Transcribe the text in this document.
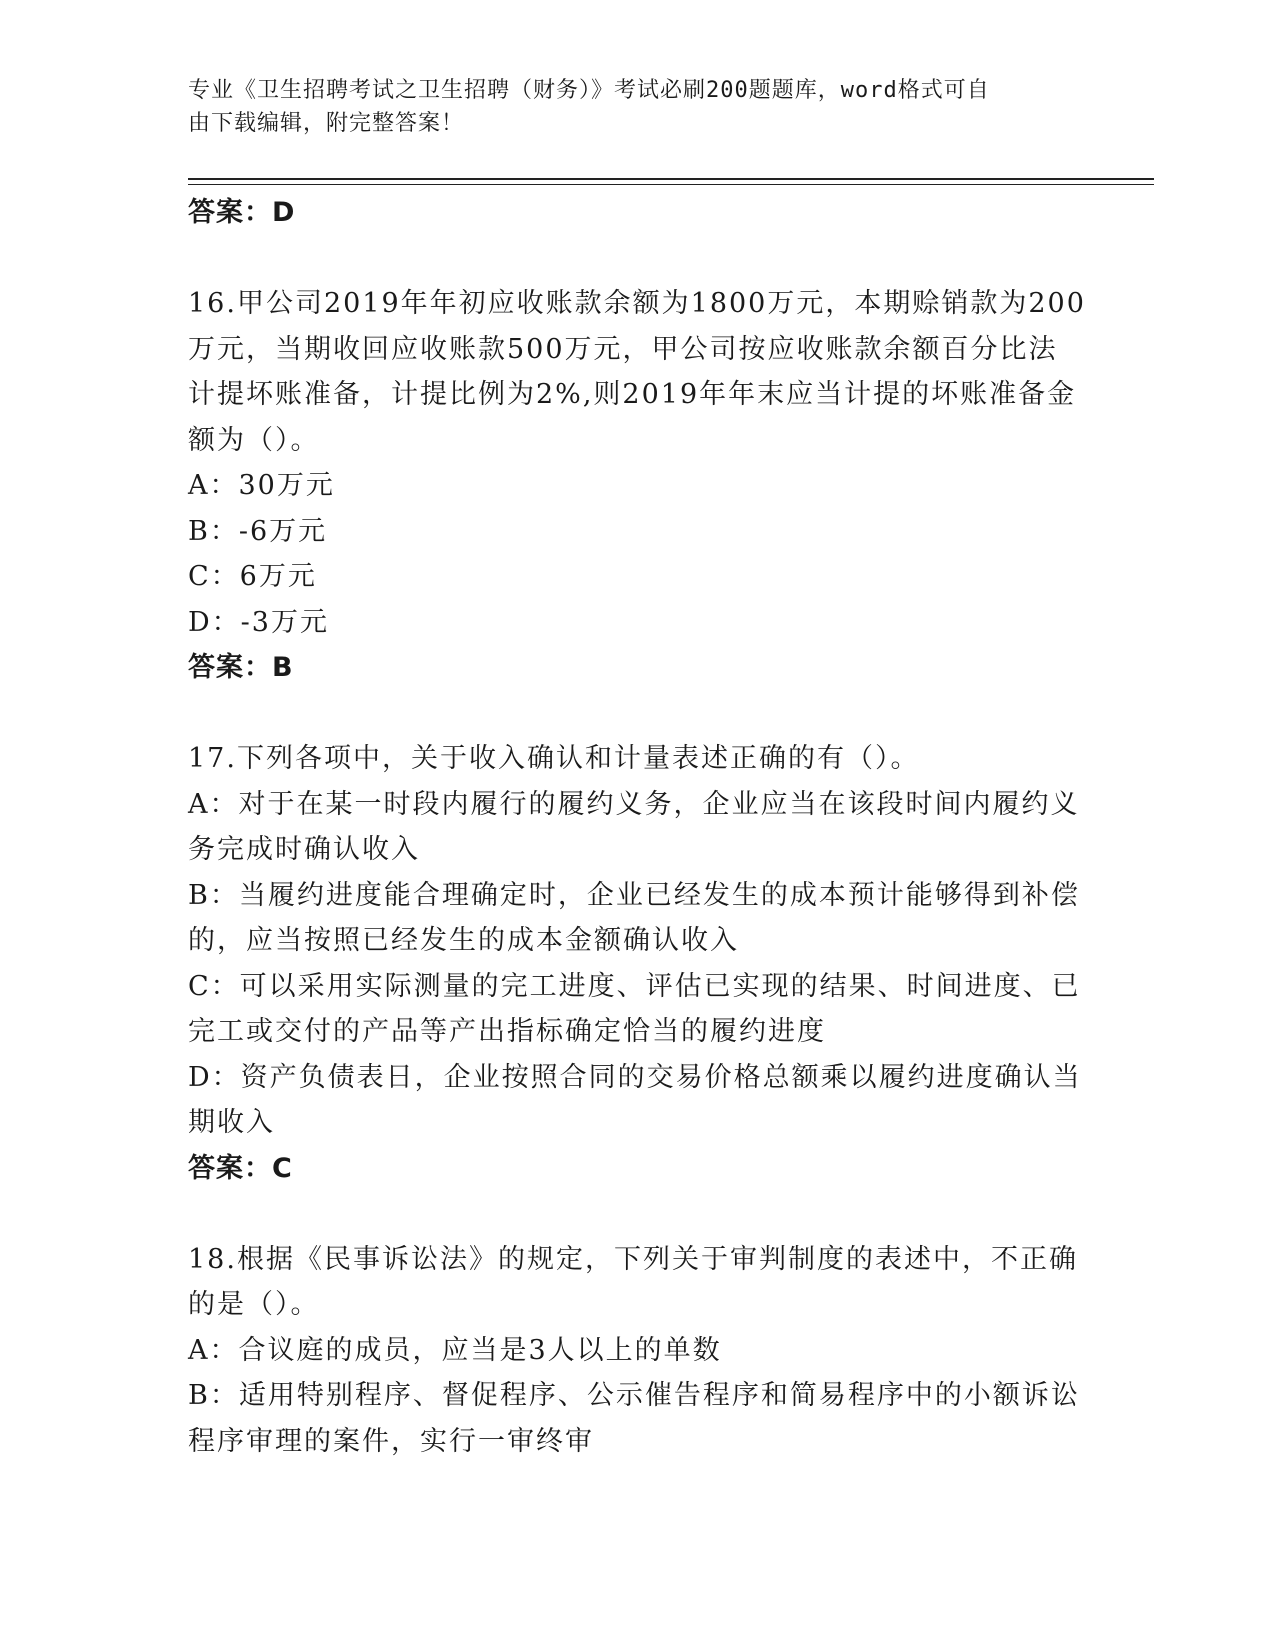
专业《卫生招聘考试之卫生招聘（财务）》考试必刷200题题库，word格式可自
由下载编辑，附完整答案！
答案：D
16.甲公司2019年年初应收账款余额为1800万元，本期赊销款为200
万元，当期收回应收账款500万元，甲公司按应收账款余额百分比法
计提坏账准备，计提比例为2%,则2019年年末应当计提的坏账准备金
额为（）。
A：30万元
B：-6万元
C：6万元
D：-3万元
答案：B
17.下列各项中，关于收入确认和计量表述正确的有（）。
A：对于在某一时段内履行的履约义务，企业应当在该段时间内履约义
务完成时确认收入
B：当履约进度能合理确定时，企业已经发生的成本预计能够得到补偿
的，应当按照已经发生的成本金额确认收入
C：可以采用实际测量的完工进度、评估已实现的结果、时间进度、已
完工或交付的产品等产出指标确定恰当的履约进度
D：资产负债表日，企业按照合同的交易价格总额乘以履约进度确认当
期收入
答案：C
18.根据《民事诉讼法》的规定，下列关于审判制度的表述中，不正确
的是（）。
A：合议庭的成员，应当是3人以上的单数
B：适用特别程序、督促程序、公示催告程序和简易程序中的小额诉讼
程序审理的案件，实行一审终审
